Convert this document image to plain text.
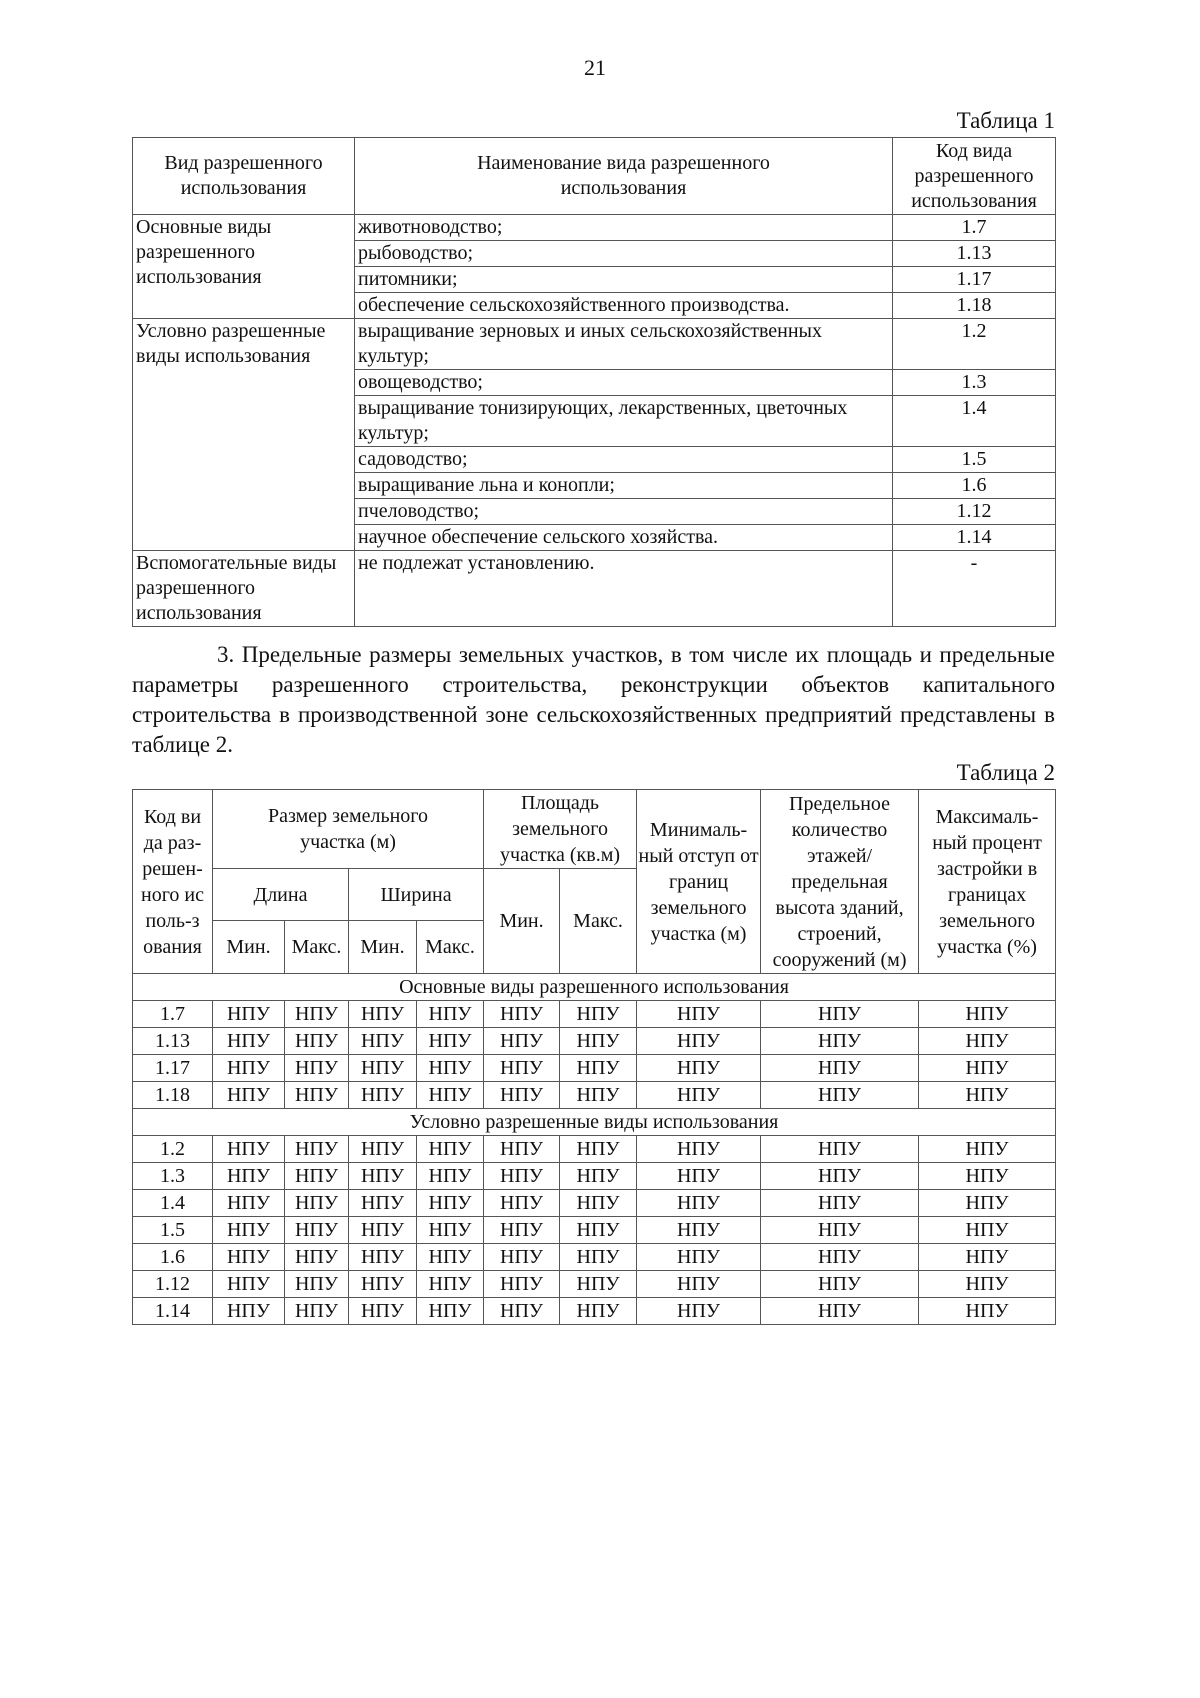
21
Таблица 1
Вид разрешенного использования	Наименование вида разрешенного использования	Код вида разрешенного использования
Основные виды разрешенного использования	животноводство;	1.7
	рыбоводство;	1.13
	питомники;	1.17
	обеспечение сельскохозяйственного производства.	1.18
Условно разрешенные виды использования	выращивание зерновых и иных сельскохозяйственных культур;	1.2
	овощеводство;	1.3
	выращивание тонизирующих, лекарственных, цветочных культур;	1.4
	садоводство;	1.5
	выращивание льна и конопли;	1.6
	пчеловодство;	1.12
	научное обеспечение сельского хозяйства.	1.14
Вспомогательные виды разрешенного использования	не подлежат установлению.	-

3. Предельные размеры земельных участков, в том числе их площадь и предельные параметры разрешенного строительства, реконструкции объектов капитального строительства в производственной зоне сельскохозяйственных предприятий представлены в таблице 2.

Таблица 2
Код вида раз-решен-ного исполь-зования	Размер земельного участка (м)				Площадь земельного участка (кв.м)		Минималь-ный отступ от границ земельного участка (м)	Предельное количество этажей/ предельная высота зданий, строений, сооружений (м)	Максималь-ный процент застройки в границах земельного участка (%)
	Длина		Ширина		Мин.	Макс.			
	Мин.	Макс.	Мин.	Макс.					
Основные виды разрешенного использования									
1.7	НПУ	НПУ	НПУ	НПУ	НПУ	НПУ	НПУ	НПУ	НПУ
1.13	НПУ	НПУ	НПУ	НПУ	НПУ	НПУ	НПУ	НПУ	НПУ
1.17	НПУ	НПУ	НПУ	НПУ	НПУ	НПУ	НПУ	НПУ	НПУ
1.18	НПУ	НПУ	НПУ	НПУ	НПУ	НПУ	НПУ	НПУ	НПУ
Условно разрешенные виды использования									
1.2	НПУ	НПУ	НПУ	НПУ	НПУ	НПУ	НПУ	НПУ	НПУ
1.3	НПУ	НПУ	НПУ	НПУ	НПУ	НПУ	НПУ	НПУ	НПУ
1.4	НПУ	НПУ	НПУ	НПУ	НПУ	НПУ	НПУ	НПУ	НПУ
1.5	НПУ	НПУ	НПУ	НПУ	НПУ	НПУ	НПУ	НПУ	НПУ
1.6	НПУ	НПУ	НПУ	НПУ	НПУ	НПУ	НПУ	НПУ	НПУ
1.12	НПУ	НПУ	НПУ	НПУ	НПУ	НПУ	НПУ	НПУ	НПУ
1.14	НПУ	НПУ	НПУ	НПУ	НПУ	НПУ	НПУ	НПУ	НПУ
